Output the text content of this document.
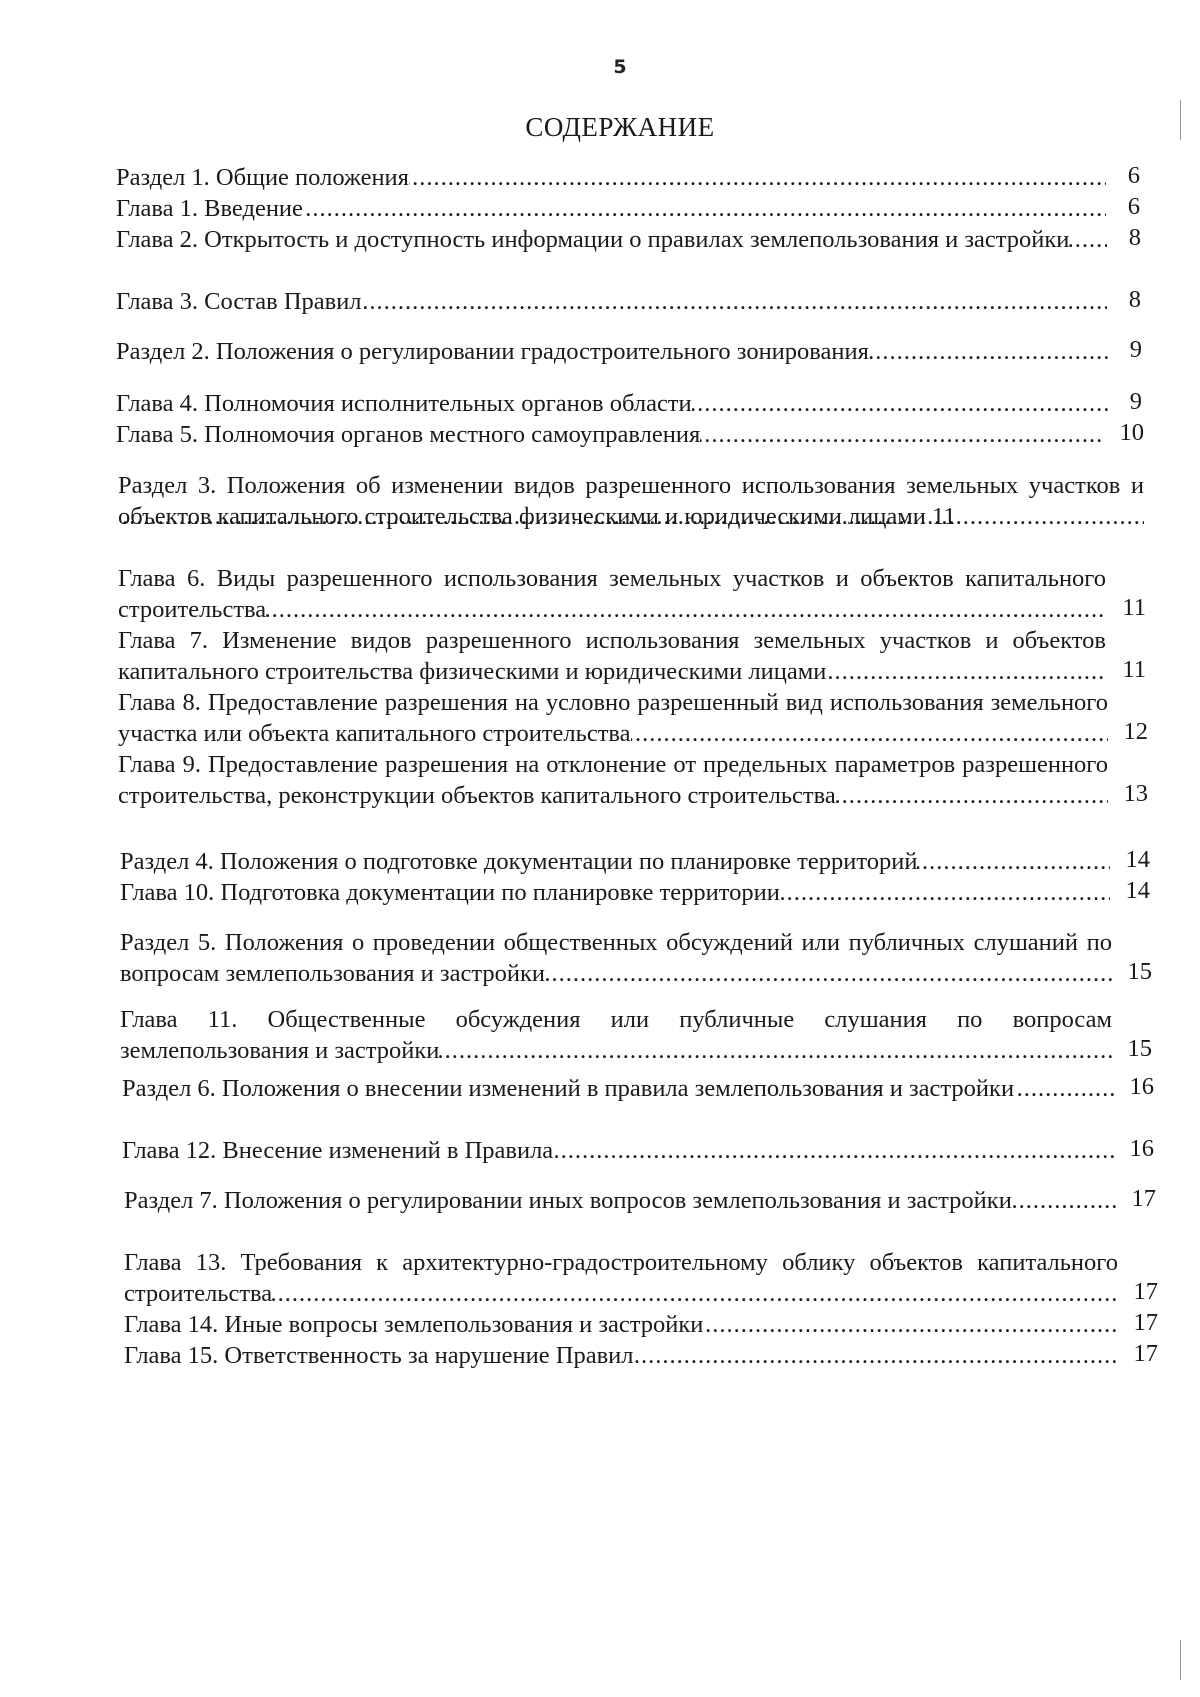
5
СОДЕРЖАНИЕ
Раздел 1. Общие положения .....	6
Глава 1. Введение .....	6
Глава 2. Открытость и доступность информации о правилах землепользования и застройки .....	8
Глава 3. Состав Правил .....	8
Раздел 2. Положения о регулировании градостроительного зонирования .....	9
Глава 4. Полномочия исполнительных органов области .....	9
Глава 5. Полномочия органов местного самоуправления .....	10
Раздел 3. Положения об изменении видов разрешенного использования земельных участков и объектов капитального строительства физическими и юридическими лицами 11 .....
Глава 6. Виды разрешенного использования земельных участков и объектов капитального строительства .....	11
Глава 7. Изменение видов разрешенного использования земельных участков и объектов капитального строительства физическими и юридическими лицами .....	11
Глава 8. Предоставление разрешения на условно разрешенный вид использования земельного участка или объекта капитального строительства .....	12
Глава 9. Предоставление разрешения на отклонение от предельных параметров разрешенного строительства, реконструкции объектов капитального строительства .....	13
Раздел 4. Положения о подготовке документации по планировке территорий .....	14
Глава 10. Подготовка документации по планировке территории .....	14
Раздел 5. Положения о проведении общественных обсуждений или публичных слушаний по вопросам землепользования и застройки .....	15
Глава 11. Общественные обсуждения или публичные слушания по вопросам землепользования и застройки .....	15
Раздел 6. Положения о внесении изменений в правила землепользования и застройки .....	16
Глава 12. Внесение изменений в Правила .....	16
Раздел 7. Положения о регулировании иных вопросов землепользования и застройки .....	17
Глава 13. Требования к архитектурно-градостроительному облику объектов капитального строительства .....	17
Глава 14. Иные вопросы землепользования и застройки .....	17
Глава 15. Ответственность за нарушение Правил .....	17
